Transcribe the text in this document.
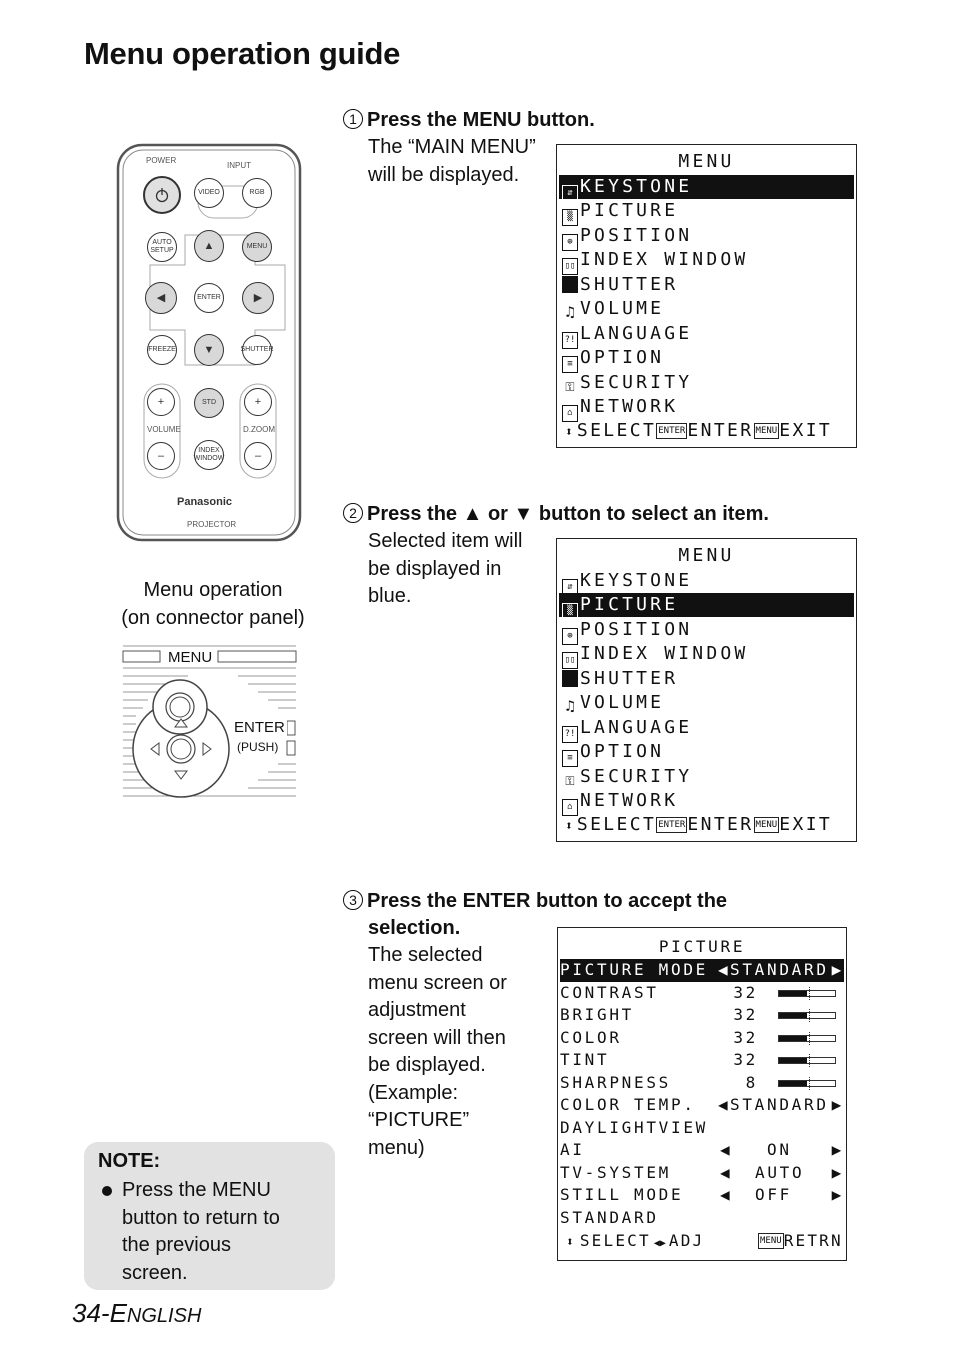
Menu operation guide
POWER
INPUT
VIDEO	RGB
AUTO SETUP	▲	MENU
◀	ENTER	▶
FREEZE	▼	SHUTTER
+	STD	+
VOLUME	D.ZOOM
–	INDEX WINDOW	–
Panasonic
PROJECTOR
Menu operation
(on connector panel)
MENU
ENTER
(PUSH)
1 Press the MENU button.
The “MAIN MENU”
will be displayed.
MENU
⇵ KEYSTONE
▒ PICTURE
⊕ POSITION
▯▯ INDEX WINDOW
SHUTTER
♫ VOLUME
?! LANGUAGE
≡ OPTION
⚿ SECURITY
⌂ NETWORK
⬍ SELECT ENTER ENTER MENU EXIT
2 Press the ▲ or ▼ button to select an item.
Selected item will
be displayed in
blue.
MENU
⇵ KEYSTONE
▒ PICTURE
⊕ POSITION
▯▯ INDEX WINDOW
SHUTTER
♫ VOLUME
?! LANGUAGE
≡ OPTION
⚿ SECURITY
⌂ NETWORK
⬍ SELECT ENTER ENTER MENU EXIT
3 Press the ENTER button to accept the
selection.
The selected
menu screen or
adjustment
screen will then
be displayed.
(Example:
“PICTURE”
menu)
PICTURE
PICTURE MODE ◀ STANDARD ▶
CONTRAST	32
BRIGHT	32
COLOR	32
TINT	32
SHARPNESS	8
COLOR TEMP. ◀ STANDARD ▶
DAYLIGHTVIEW
AI	◀ ON ▶
TV-SYSTEM	◀ AUTO ▶
STILL MODE ◀ OFF ▶
STANDARD
⬍ SELECT ◀▶ ADJ	MENU RETRN
NOTE:
Press the MENU
button to return to
the previous
screen.
34-ENGLISH
